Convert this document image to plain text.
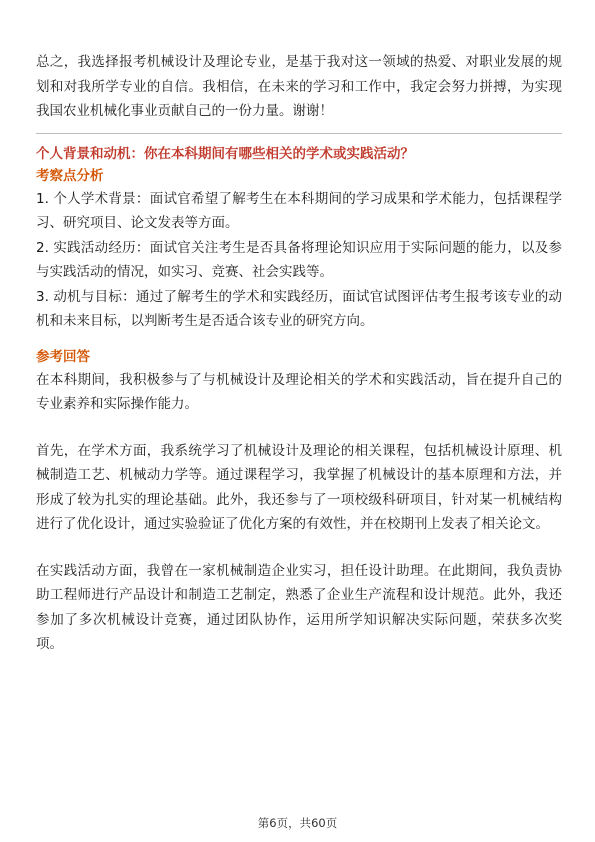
总之，我选择报考机械设计及理论专业，是基于我对这一领域的热爱、对职业发展的规划和对我所学专业的自信。我相信，在未来的学习和工作中，我定会努力拼搏，为实现我国农业机械化事业贡献自己的一份力量。谢谢！

个人背景和动机：你在本科期间有哪些相关的学术或实践活动？

考察点分析

1. 个人学术背景：面试官希望了解考生在本科期间的学习成果和学术能力，包括课程学习、研究项目、论文发表等方面。

2. 实践活动经历：面试官关注考生是否具备将理论知识应用于实际问题的能力，以及参与实践活动的情况，如实习、竞赛、社会实践等。

3. 动机与目标：通过了解考生的学术和实践经历，面试官试图评估考生报考该专业的动机和未来目标，以判断考生是否适合该专业的研究方向。

参考回答

在本科期间，我积极参与了与机械设计及理论相关的学术和实践活动，旨在提升自己的专业素养和实际操作能力。

首先，在学术方面，我系统学习了机械设计及理论的相关课程，包括机械设计原理、机械制造工艺、机械动力学等。通过课程学习，我掌握了机械设计的基本原理和方法，并形成了较为扎实的理论基础。此外，我还参与了一项校级科研项目，针对某一机械结构进行了优化设计，通过实验验证了优化方案的有效性，并在校期刊上发表了相关论文。

在实践活动方面，我曾在一家机械制造企业实习，担任设计助理。在此期间，我负责协助工程师进行产品设计和制造工艺制定，熟悉了企业生产流程和设计规范。此外，我还参加了多次机械设计竞赛，通过团队协作，运用所学知识解决实际问题，荣获多次奖项。

第6页，共60页
